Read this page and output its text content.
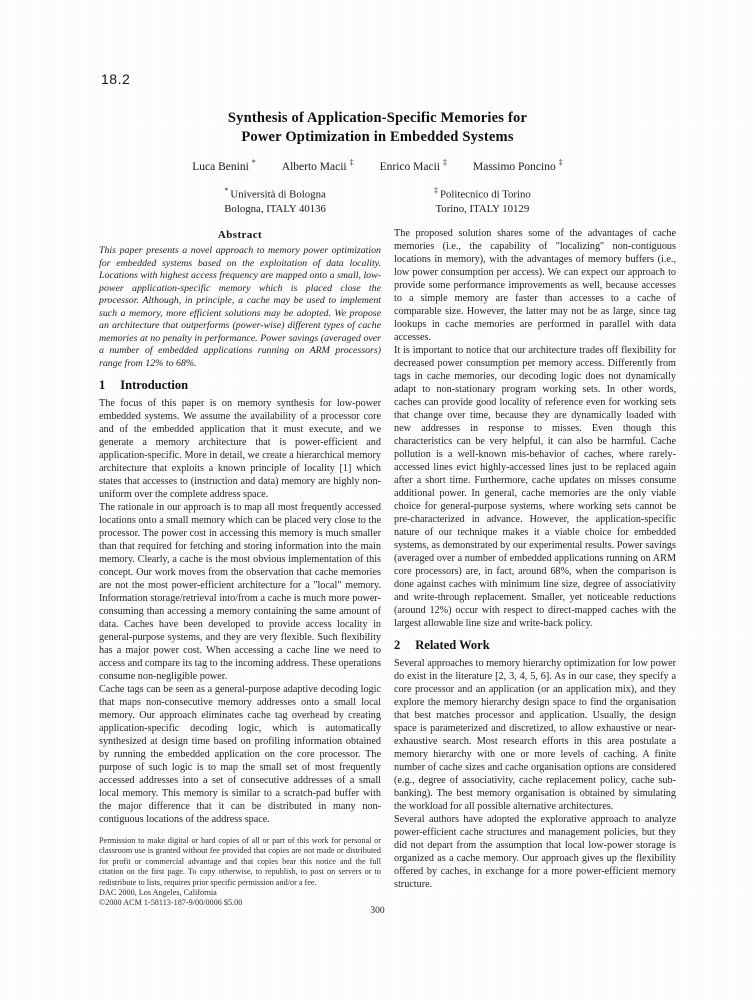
18.2
Synthesis of Application-Specific Memories for
Power Optimization in Embedded Systems
Luca Benini * Alberto Macii ‡ Enrico Macii ‡ Massimo Poncino ‡
* Università di Bologna
Bologna, ITALY 40136
‡ Politecnico di Torino
Torino, ITALY 10129
Abstract

This paper presents a novel approach to memory power optimization for embedded systems based on the exploitation of data locality. Locations with highest access frequency are mapped onto a small, low-power application-specific memory which is placed close the processor. Although, in principle, a cache may be used to implement such a memory, more efficient solutions may be adopted. We propose an architecture that outperforms (power-wise) different types of cache memories at no penalty in performance. Power savings (averaged over a number of embedded applications running on ARM processors) range from 12% to 68%.

1 Introduction

The focus of this paper is on memory synthesis for low-power embedded systems. We assume the availability of a processor core and of the embedded application that it must execute, and we generate a memory architecture that is power-efficient and application-specific. More in detail, we create a hierarchical memory architecture that exploits a known principle of locality [1] which states that accesses to (instruction and data) memory are highly non-uniform over the complete address space.

The rationale in our approach is to map all most frequently accessed locations onto a small memory which can be placed very close to the processor. The power cost in accessing this memory is much smaller than that required for fetching and storing information into the main memory. Clearly, a cache is the most obvious implementation of this concept. Our work moves from the observation that cache memories are not the most power-efficient architecture for a "local" memory. Information storage/retrieval into/from a cache is much more power-consuming than accessing a memory containing the same amount of data. Caches have been developed to provide access locality in general-purpose systems, and they are very flexible. Such flexibility has a major power cost. When accessing a cache line we need to access and compare its tag to the incoming address. These operations consume non-negligible power.

Cache tags can be seen as a general-purpose adaptive decoding logic that maps non-consecutive memory addresses onto a small local memory. Our approach eliminates cache tag overhead by creating application-specific decoding logic, which is automatically synthesized at design time based on profiling information obtained by running the embedded application on the core processor. The purpose of such logic is to map the small set of most frequently accessed addresses into a set of consecutive addresses of a small local memory. This memory is similar to a scratch-pad buffer with the major difference that it can be distributed in many non-contiguous locations of the address space.

Permission to make digital or hard copies of all or part of this work for personal or classroom use is granted without fee provided that copies are not made or distributed for profit or commercial advantage and that copies bear this notice and the full citation on the first page. To copy otherwise, to republish, to post on servers or to redistribute to lists, requires prior specific permission and/or a fee.

DAC 2000, Los Angeles, California

©2000 ACM 1-58113-187-9/00/0006 $5.00

The proposed solution shares some of the advantages of cache memories (i.e., the capability of "localizing" non-contiguous locations in memory), with the advantages of memory buffers (i.e., low power consumption per access). We can expect our approach to provide some performance improvements as well, because accesses to a simple memory are faster than accesses to a cache of comparable size. However, the latter may not be as large, since tag lookups in cache memories are performed in parallel with data accesses.

It is important to notice that our architecture trades off flexibility for decreased power consumption per memory access. Differently from tags in cache memories, our decoding logic does not dynamically adapt to non-stationary program working sets. In other words, caches can provide good locality of reference even for working sets that change over time, because they are dynamically loaded with new addresses in response to misses. Even though this characteristics can be very helpful, it can also be harmful. Cache pollution is a well-known mis-behavior of caches, where rarely-accessed lines evict highly-accessed lines just to be replaced again after a short time. Furthermore, cache updates on misses consume additional power. In general, cache memories are the only viable choice for general-purpose systems, where working sets cannot be pre-characterized in advance. However, the application-specific nature of our technique makes it a viable choice for embedded systems, as demonstrated by our experimental results. Power savings (averaged over a number of embedded applications running on ARM core processors) are, in fact, around 68%, when the comparison is done against caches with minimum line size, degree of associativity and write-through replacement. Smaller, yet noticeable reductions (around 12%) occur with respect to direct-mapped caches with the largest allowable line size and write-back policy.

2 Related Work

Several approaches to memory hierarchy optimization for low power do exist in the literature [2, 3, 4, 5, 6]. As in our case, they specify a core processor and an application (or an application mix), and they explore the memory hierarchy design space to find the organisation that best matches processor and application. Usually, the design space is parameterized and discretized, to allow exhaustive or near-exhaustive search. Most research efforts in this area postulate a memory hierarchy with one or more levels of caching. A finite number of cache sizes and cache organisation options are considered (e.g., degree of associativity, cache replacement policy, cache sub-banking). The best memory organisation is obtained by simulating the workload for all possible alternative architectures.

Several authors have adopted the explorative approach to analyze power-efficient cache structures and management policies, but they did not depart from the assumption that local low-power storage is organized as a cache memory. Our approach gives up the flexibility offered by caches, in exchange for a more power-efficient memory structure.

300
